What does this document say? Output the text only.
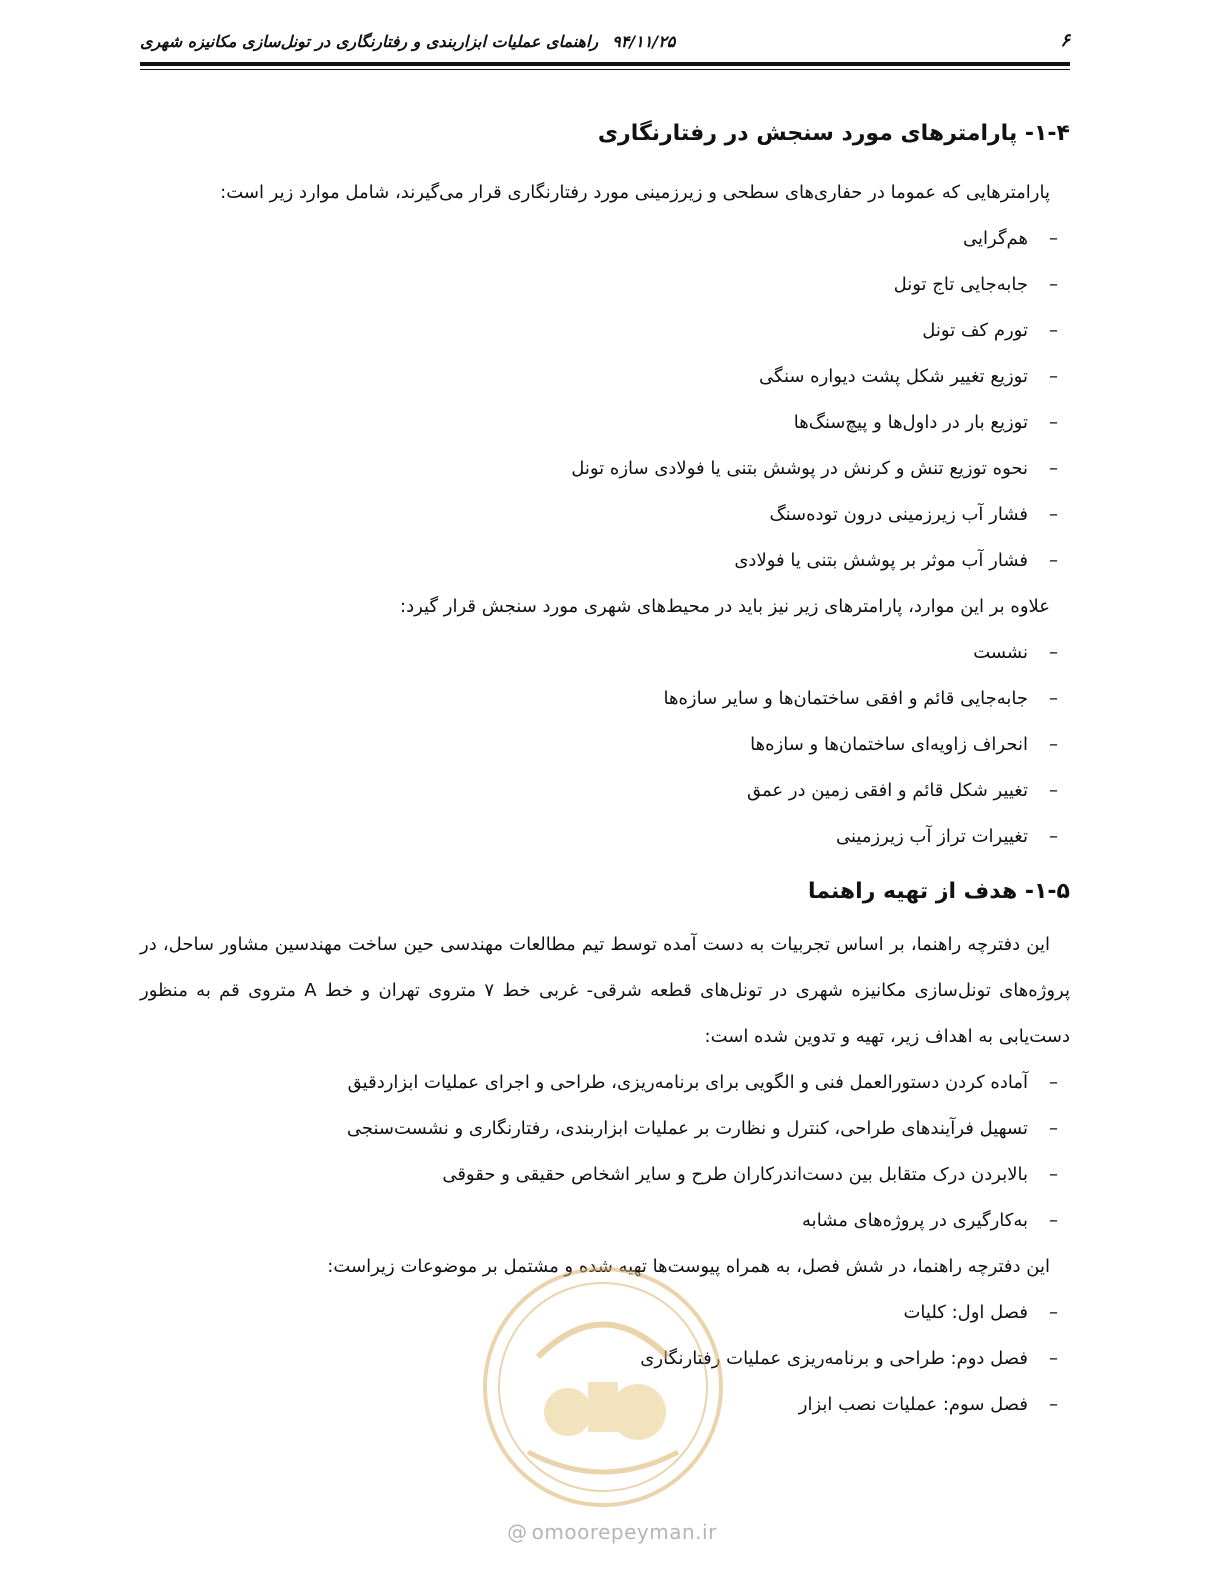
۶
۹۴/۱۱/۲۵راهنمای عملیات ابزاربندی و رفتارنگاری در تونل‌سازی مکانیزه شهری
۱-۴- پارامترهای مورد سنجش در رفتارنگاری

پارامترهایی که عموما در حفاری‌های سطحی و زیرزمینی مورد رفتارنگاری قرار می‌گیرند، شامل موارد زیر است:

–
هم‌گرایی
–
جابه‌جایی تاج تونل
–
تورم کف تونل
–
توزیع تغییر شکل پشت دیواره سنگی
–
توزیع بار در داول‌ها و پیچ‌سنگ‌ها
–
نحوه توزیع تنش و کرنش در پوشش بتنی یا فولادی سازه تونل
–
فشار آب زیرزمینی درون توده‌سنگ
–
فشار آب موثر بر پوشش بتنی یا فولادی

علاوه بر این موارد، پارامترهای زیر نیز باید در محیط‌های شهری مورد سنجش قرار گیرد:

–
نشست
–
جابه‌جایی قائم و افقی ساختمان‌ها و سایر سازه‌ها
–
انحراف زاویه‌ای ساختمان‌ها و سازه‌ها
–
تغییر شکل قائم و افقی زمین در عمق
–
تغییرات تراز آب زیرزمینی
۱-۵- هدف از تهیه راهنما

این دفترچه راهنما، بر اساس تجربیات به دست آمده توسط تیم مطالعات مهندسی حین ساخت مهندسین مشاور ساحل، در پروژه‌های تونل‌سازی مکانیزه شهری در تونل‌های قطعه شرقی- غربی خط ۷ متروی تهران و خط A متروی قم به منظور دست‌یابی به اهداف زیر، تهیه و تدوین شده است:

–
آماده کردن دستورالعمل فنی و الگویی برای برنامه‌ریزی، طراحی و اجرای عملیات ابزاردقیق
–
تسهیل فرآیندهای طراحی، کنترل و نظارت بر عملیات ابزاربندی، رفتارنگاری و نشست‌سنجی
–
بالابردن درک متقابل بین دست‌اندرکاران طرح و سایر اشخاص حقیقی و حقوقی
–
به‌کارگیری در پروژه‌های مشابه

این دفترچه راهنما، در شش فصل، به همراه پیوست‌ها تهیه شده و مشتمل بر موضوعات زیراست:

–
فصل اول: کلیات
–
فصل دوم: طراحی و برنامه‌ریزی عملیات رفتارنگاری
–
فصل سوم: عملیات نصب ابزار
@ omoorepeyman.ir
